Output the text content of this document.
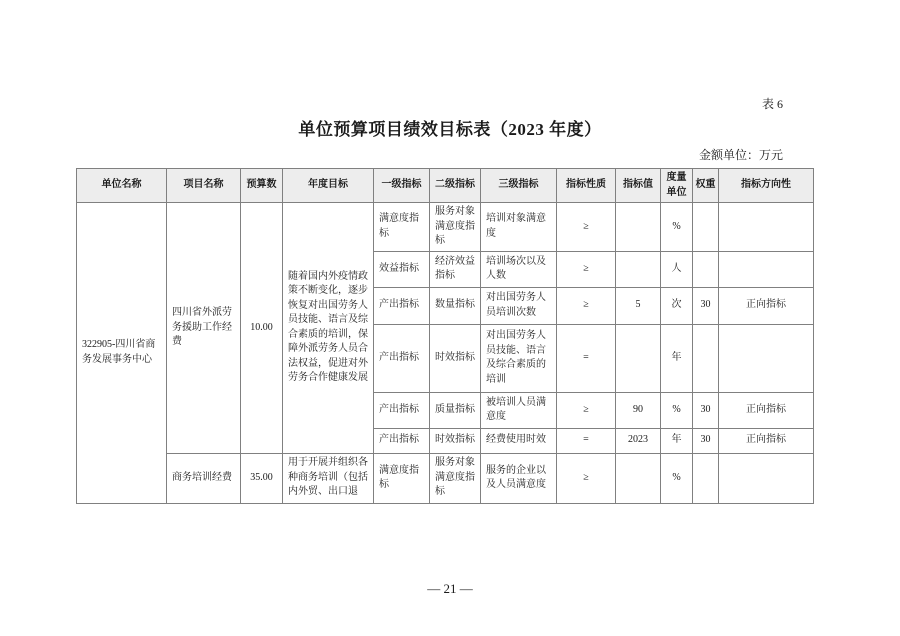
表 6
单位预算项目绩效目标表（2023 年度）
金额单位：万元
单位名称	项目名称	预算数	年度目标	一级指标	二级指标	三级指标	指标性质	指标值	度量单位	权重	指标方向性
322905-四川省商务发展事务中心	四川省外派劳务援助工作经费	10.00	随着国内外疫情政策不断变化，逐步恢复对出国劳务人员技能、语言及综合素质的培训，保障外派劳务人员合法权益，促进对外劳务合作健康发展	满意度指标	服务对象满意度指标	培训对象满意度	≥		%		
				效益指标	经济效益指标	培训场次以及人数	≥		人		
				产出指标	数量指标	对出国劳务人员培训次数	≥	5	次	30	正向指标
				产出指标	时效指标	对出国劳务人员技能、语言及综合素质的培训	=		年		
				产出指标	质量指标	被培训人员满意度	≥	90	%	30	正向指标
				产出指标	时效指标	经费使用时效	=	2023	年	30	正向指标
	商务培训经费	35.00	用于开展并组织各种商务培训（包括内外贸、出口退	满意度指标	服务对象满意度指标	服务的企业以及人员满意度	≥		%		
— 21 —
